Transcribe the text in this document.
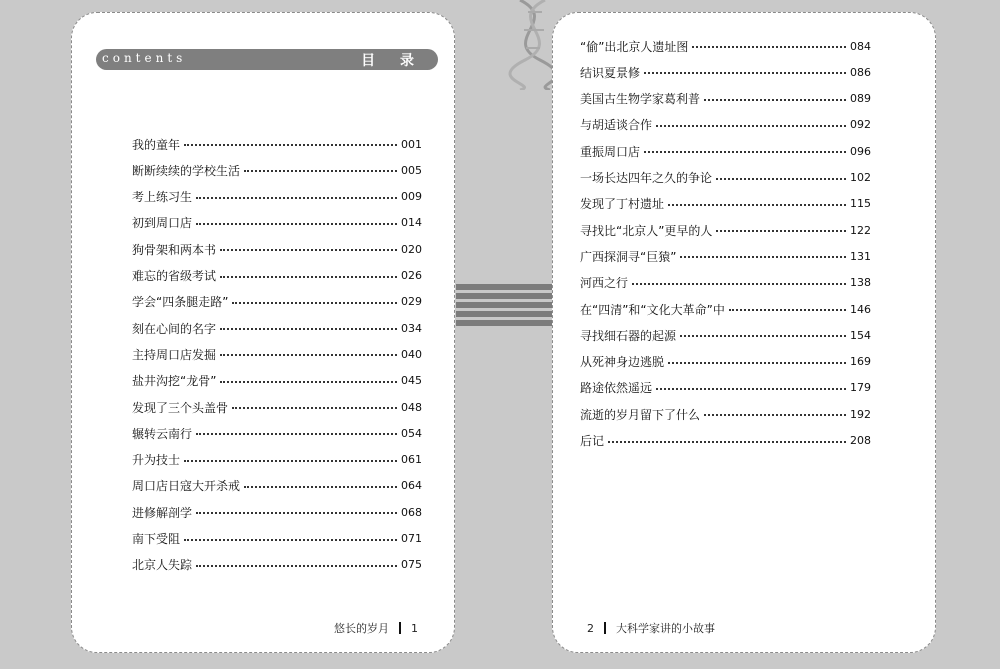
contents	目 录
我的童年	001
断断续续的学校生活	005
考上练习生	009
初到周口店	014
狗骨架和两本书	020
难忘的省级考试	026
学会“四条腿走路”	029
刻在心间的名字	034
主持周口店发掘	040
盐井沟挖“龙骨”	045
发现了三个头盖骨	048
辗转云南行	054
升为技士	061
周口店日寇大开杀戒	064
进修解剖学	068
南下受阻	071
北京人失踪	075
悠长的岁月 1
“偷”出北京人遗址图	084
结识夏景修	086
美国古生物学家葛利普	089
与胡适谈合作	092
重振周口店	096
一场长达四年之久的争论	102
发现了丁村遗址	115
寻找比“北京人”更早的人	122
广西探洞寻“巨猿”	131
河西之行	138
在“四清”和“文化大革命”中	146
寻找细石器的起源	154
从死神身边逃脱	169
路途依然遥远	179
流逝的岁月留下了什么	192
后记	208
2 大科学家讲的小故事
